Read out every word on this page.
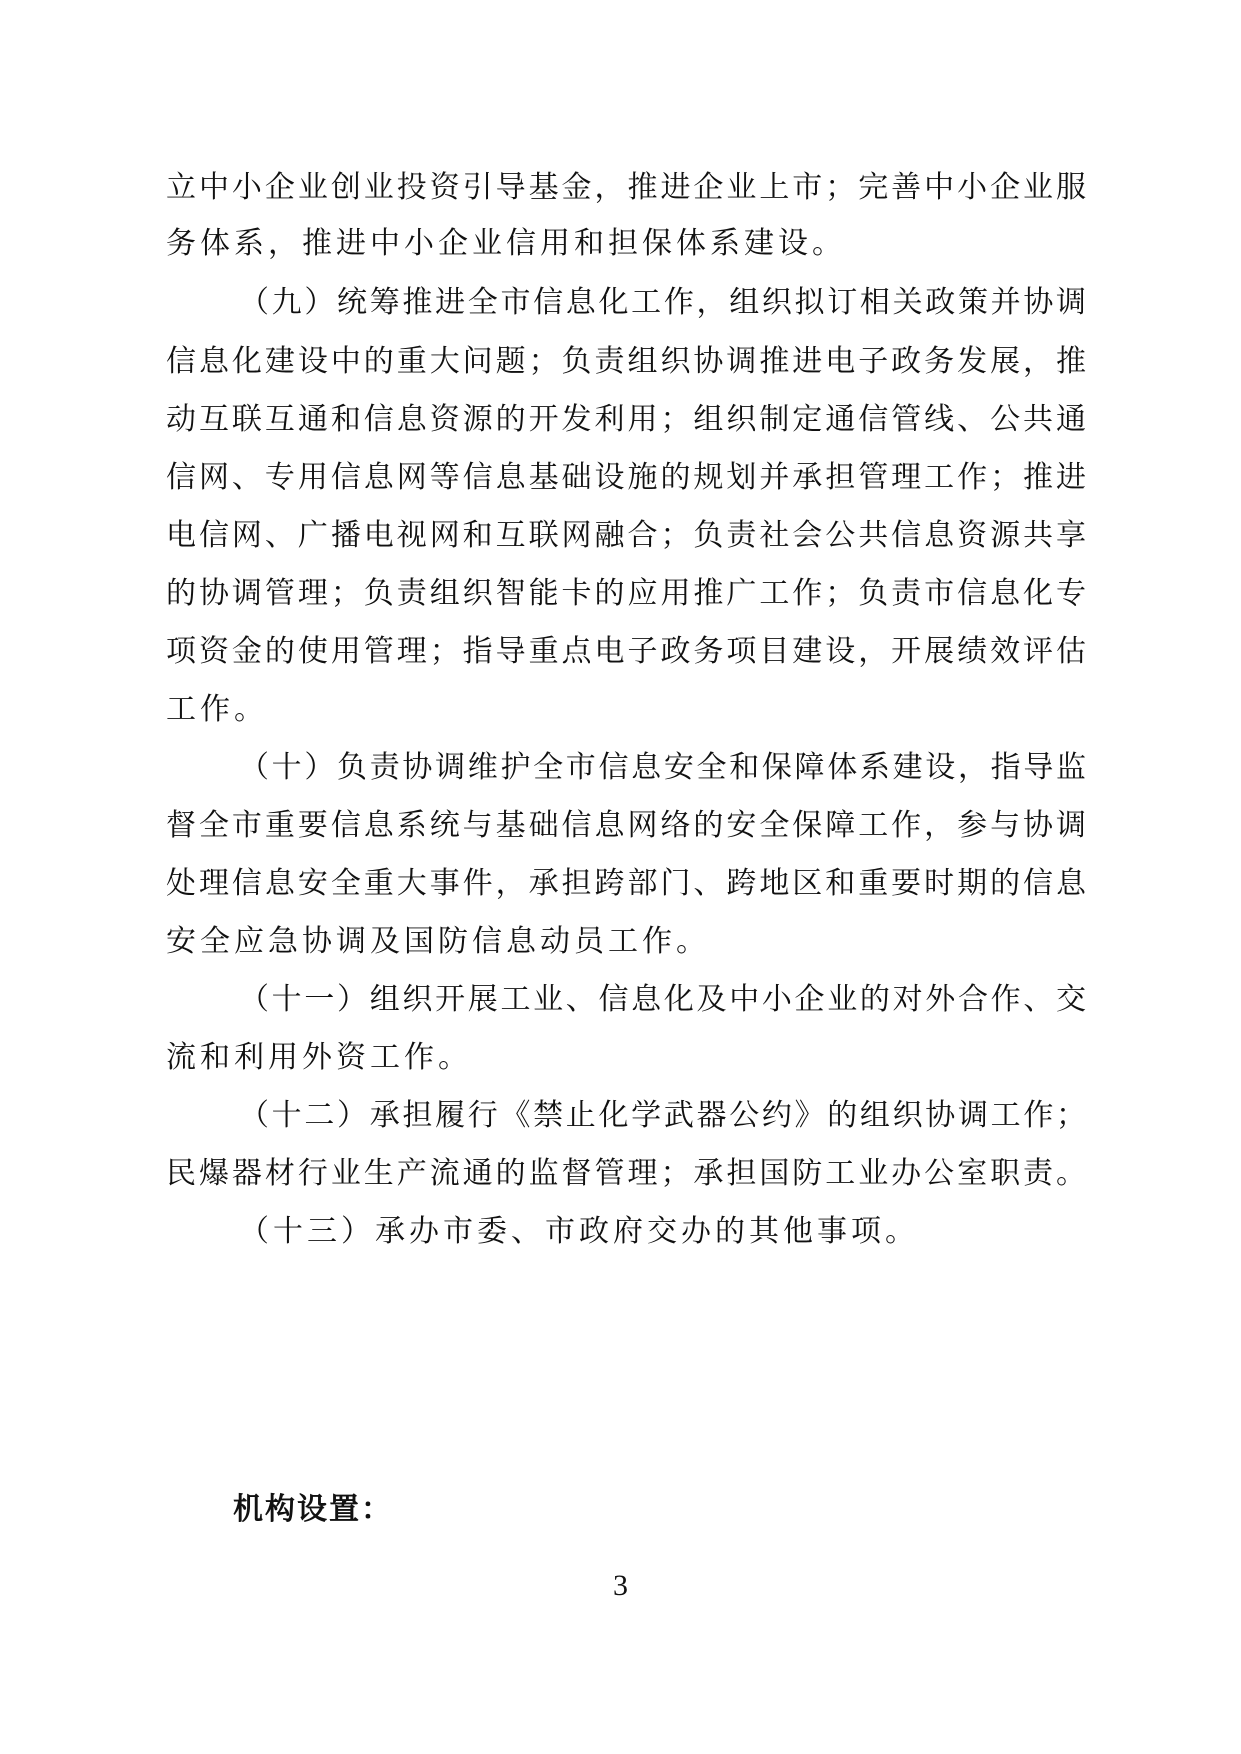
立中小企业创业投资引导基金，推进企业上市；完善中小企业服
务体系，推进中小企业信用和担保体系建设。
（九）统筹推进全市信息化工作，组织拟订相关政策并协调
信息化建设中的重大问题；负责组织协调推进电子政务发展，推
动互联互通和信息资源的开发利用；组织制定通信管线、公共通
信网、专用信息网等信息基础设施的规划并承担管理工作；推进
电信网、广播电视网和互联网融合；负责社会公共信息资源共享
的协调管理；负责组织智能卡的应用推广工作；负责市信息化专
项资金的使用管理；指导重点电子政务项目建设，开展绩效评估
工作。
（十）负责协调维护全市信息安全和保障体系建设，指导监
督全市重要信息系统与基础信息网络的安全保障工作，参与协调
处理信息安全重大事件，承担跨部门、跨地区和重要时期的信息
安全应急协调及国防信息动员工作。
（十一）组织开展工业、信息化及中小企业的对外合作、交
流和利用外资工作。
（十二）承担履行《禁止化学武器公约》的组织协调工作；
民爆器材行业生产流通的监督管理；承担国防工业办公室职责。
（十三）承办市委、市政府交办的其他事项。
机构设置：
3
